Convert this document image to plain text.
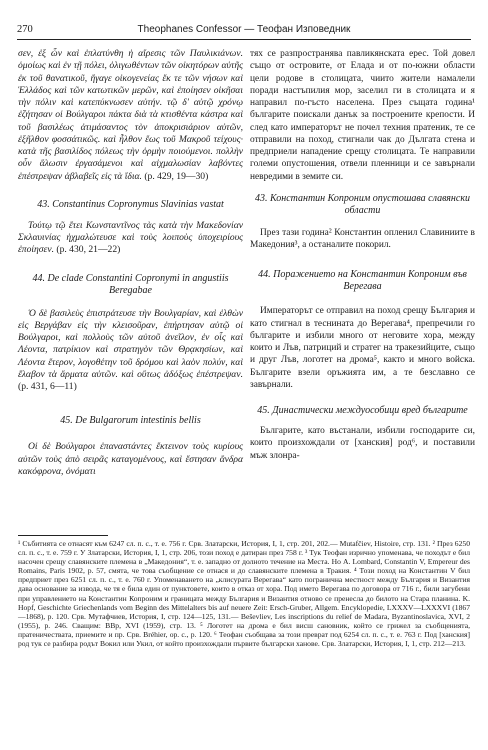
270	Theophanes Confessor — Теофан Изповедник

σεν, ἐξ ὧν καὶ ἐπλατύνθη ἡ αἵρεσις τῶν Παυλικιάνων. ὁμοίως καὶ ἐν τῇ πόλει, ὀλιγωθέντων τῶν οἰκητόρων αὐτῆς ἐκ τοῦ θανατικοῦ, ἤγαγε οἰκογενείας ἔκ τε τῶν νήσων καὶ Ἑλλάδος καὶ τῶν κατωτικῶν μερῶν, καὶ ἐποίησεν οἰκῆσαι τὴν πόλιν καὶ κατεπύκνωσεν αὐτήν. τῷ δ' αὐτῷ χρόνῳ ἐζήτησαν οἱ Βούλγαροι πάκτα διὰ τὰ κτισθέντα κάστρα καὶ τοῦ βασιλέως ἀτιμάσαντος τὸν ἀποκρισιάριον αὐτῶν, ἐξῆλθον φοσσάτικῶς. καὶ ἦλθον ἕως τοῦ Μακροῦ τείχους· κατὰ τῆς βασιλίδος πόλεως τὴν ὁρμὴν ποιούμενοι. πολλὴν οὖν ἅλωσιν ἐργασάμενοι καὶ αἰχμαλωσίαν λαβόντες ἐπέστρεψαν ἀβλαβεῖς εἰς τὰ ἴδια. (p. 429, 19—30)

43. Constantinus Copronymus Slavinias vastat

Τούτῳ τῷ ἔτει Κωνσταντῖνος τὰς κατὰ τὴν Μακεδονίαν Σκλαυινίας ἠχμαλώτευσε καὶ τοὺς λοιποὺς ὑποχειρίους ἐποίησεν. (p. 430, 21—22)

44. De clade Constantini Copronymi in angustiis Beregabae

Ὁ δὲ βασιλεὺς ἐπιστράτευσε τὴν Βουλγαρίαν, καὶ ἐλθὼν εἰς Βεργάβαν εἰς τὴν κλεισοῦραν, ἐπήρτησαν αὐτῷ οἱ Βούλγαροι, καὶ πολλοὺς τῶν αὐτοῦ ἀνεῖλον, ἐν οἷς καὶ Λέοντα, πατρίκιον καὶ στρατηγὸν τῶν Θρᾳκησίων, καὶ Λέοντα ἕτερον, λογοθέτην τοῦ δρόμου καὶ λαὸν πολύν, καὶ ἔλαβον τὰ ἅρματα αὐτῶν. καὶ οὕτως ἀδόξως ἐπέστρεψαν. (p. 431, 6—11)

45. De Bulgarorum intestinis bellis

Οἱ δὲ Βούλγαροι ἐπαναστάντες ἔκτεινον τοὺς κυρίους αὐτῶν τοὺς ἀπὸ σειρᾶς καταγομένους, καὶ ἔστησαν ἄνδρα κακόφρονα, ὀνόματι

тях се разпространява павликянската ерес. Той довел също от островите, от Елада и от по-южни области цели родове в столицата, чиито жители намалели поради настъпилия мор, заселил ги в столицата и я направил по-гъсто населена. През същата година¹ българите поискали данък за построените крепости. И след като императорът не почел техния пратеник, те се отправили на поход, стигнали чак до Дългата стена и предприели нападение срещу столицата. Те направили големи опустошения, отвели пленници и се завърнали невредими в земите си.

43. Константин Копроним опустошава славянски области

През тази година² Константин опленил Славиниите в Македония³, а останалите покорил.

44. Поражението на Константин Копроним във Верегава

Императорът се отправил на поход срещу България и като стигнал в теснината до Верегава⁴, препречили го българите и избили много от неговите хора, между които и Лъв, патриций и стратег на тракезийците, също и друг Лъв, логотет на дрома⁵, както и много войска. Българите взели оръжията им, а те безславно се завърнали.

45. Династически междуособици вред българите

Българите, като въстанали, избили господарите си, които произхождали от [ханския] род⁶, и поставили мъж злонра-

¹ Събитията се отнасят към 6247 сл. п. с., т. е. 756 г. Срв. Златарски, История, I, 1, стр. 201, 202.— Mutafčiev, Histoire, стр. 131. ² През 6250 сл. п. с., т. е. 759 г. У Златарски, История, I, 1, стр. 206, този поход е датиран през 758 г. ³ Тук Теофан изрично упоменава, че походът е бил насочен срещу славянските племена в „Македония“, т. е. западно от долното течение на Места. Но A. Lombard, Constantin V, Empereur des Romains, Paris 1902, p. 57, смята, че това съобщение се отнася и до славянските племена в Тракия. ⁴ Този поход на Константин V бил предприет през 6251 сл. п. с., т. е. 760 г. Упоменаването на „клисурата Верегава“ като погранична местност между България и Византия дава основание за извода, че тя е била един от пунктовете, които в отказ от хора. Под името Верегава по договора от 716 г., били загубени при управлението на Константин Копроним и границата между България и Византия отново се пренесла до билото на Стара планина. K. Hopf, Geschichte Griechenlands vom Beginn des Mittelalters bis auf neuere Zeit: Ersch-Gruber, Allgem. Encyklopedie, LXXXV—LXXXVI (1867—1868), p. 120. Срв. Мутафчиев, История, I, стр. 124—125, 131.— Beševliev, Les inscriptions du relief de Madara, Byzantinoslavica, XVI, 2 (1955), p. 246. Сващим: ВВр, XVI (1959), стр. 13. ⁵ Логотет на дрома е бил висш сановник, който се грижел за съобщенията, пратеничествата, приемите и пр. Срв. Bréhier, op. c., p. 120. ⁶ Теофан съобщава за този преврат под 6254 сл. п. с., т. е. 763 г. Под [ханския] род тук се разбира родът Вокил или Укил, от който произхождали първите български ханове. Срв. Златарски, История, I, 1, стр. 212—213.
